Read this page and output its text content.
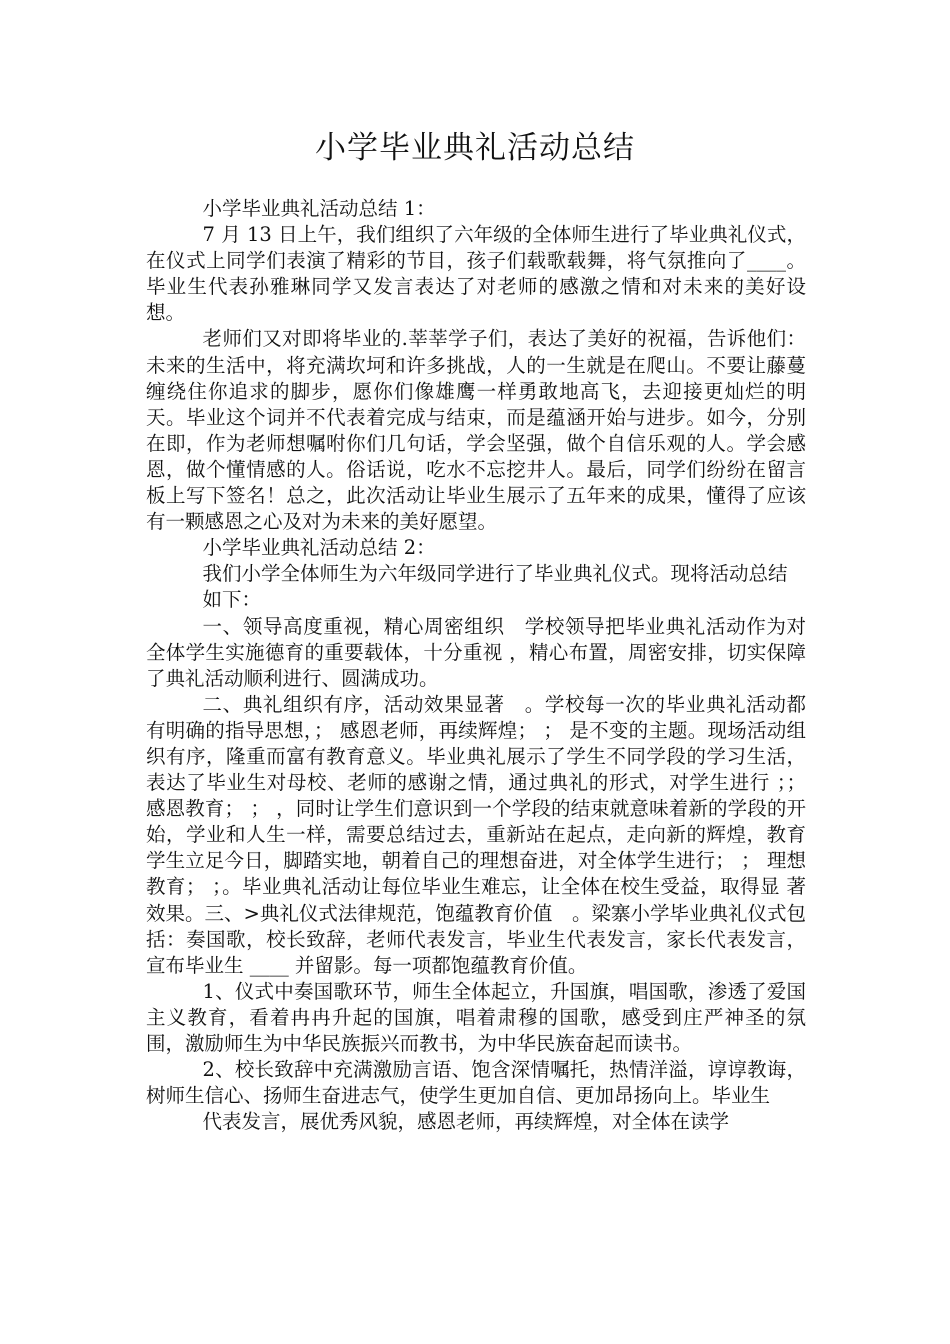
小学毕业典礼活动总结

小学毕业典礼活动总结 1：

7 月 13 日上午，我们组织了六年级的全体师生进行了毕业典礼仪式，在仪式上同学们表演了精彩的节目，孩子们载歌载舞，将气氛推向了____。毕业生代表孙雅琳同学又发言表达了对老师的感激之情和对未来的美好设想。

老师们又对即将毕业的.莘莘学子们，表达了美好的祝福，告诉他们：未来的生活中，将充满坎坷和许多挑战，人的一生就是在爬山。不要让藤蔓缠绕住你追求的脚步，愿你们像雄鹰一样勇敢地高飞，去迎接更灿烂的明天。毕业这个词并不代表着完成与结束，而是蕴涵开始与进步。如今，分别在即，作为老师想嘱咐你们几句话，学会坚强，做个自信乐观的人。学会感恩，做个懂情感的人。俗话说，吃水不忘挖井人。最后，同学们纷纷在留言板上写下签名！总之，此次活动让毕业生展示了五年来的成果，懂得了应该有一颗感恩之心及对为未来的美好愿望。

小学毕业典礼活动总结 2：

我们小学全体师生为六年级同学进行了毕业典礼仪式。现将活动总结

如下：

一、领导高度重视，精心周密组织　学校领导把毕业典礼活动作为对全体学生实施德育的重要载体，十分重视 ，精心布置，周密安排，切实保障了典礼活动顺利进行、圆满成功。

二、典礼组织有序，活动效果显著　。学校每一次的毕业典礼活动都有明确的指导思想，； 感恩老师，再续辉煌； ； 是不变的主题。现场活动组织有序，隆重而富有教育意义。毕业典礼展示了学生不同学段的学习生活，表达了毕业生对母校、老师的感谢之情，通过典礼的形式，对学生进行 ；； 感恩教育； ； ，同时让学生们意识到一个学段的结束就意味着新的学段的开始，学业和人生一样，需要总结过去，重新站在起点，走向新的辉煌，教育学生立足今日，脚踏实地，朝着自己的理想奋进，对全体学生进行； ； 理想教育； ；。毕业典礼活动让每位毕业生难忘，让全体在校生受益，取得显 著效果。三、>典礼仪式法律规范，饱蕴教育价值　。梁寨小学毕业典礼仪式包括：奏国歌，校长致辞，老师代表发言，毕业生代表发言，家长代表发言，宣布毕业生 ____ 并留影。每一项都饱蕴教育价值。

1、仪式中奏国歌环节，师生全体起立，升国旗，唱国歌，渗透了爱国主义教育，看着冉冉升起的国旗，唱着肃穆的国歌，感受到庄严神圣的氛围，激励师生为中华民族振兴而教书，为中华民族奋起而读书。

2、校长致辞中充满激励言语、饱含深情嘱托，热情洋溢，谆谆教诲，树师生信心、扬师生奋进志气，使学生更加自信、更加昂扬向上。毕业生

代表发言，展优秀风貌，感恩老师，再续辉煌，对全体在读学
